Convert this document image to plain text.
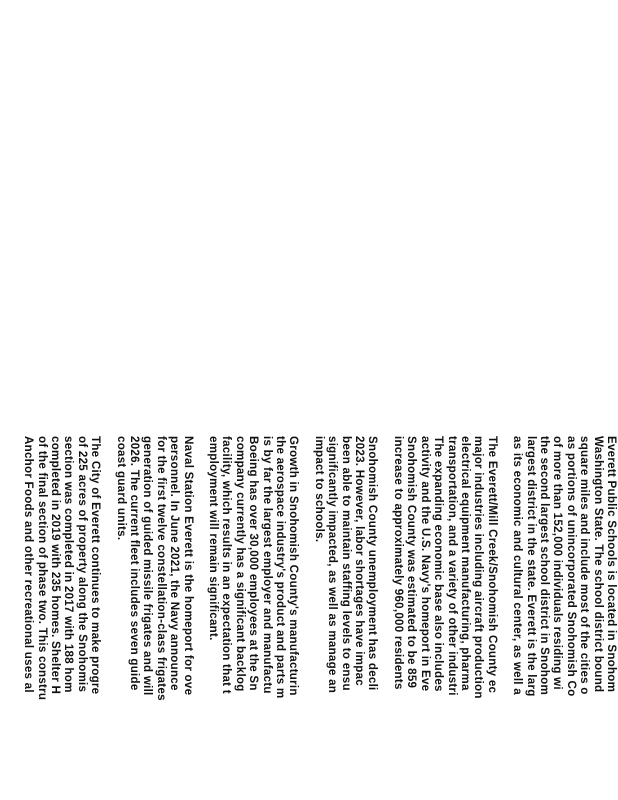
Everett Public Schools is located in Snohom
Washington State. The school district bound
square miles and include most of the cities o
as portions of unincorporated Snohomish Co
of more than 152,000 individuals residing wi
the second largest school district in Snohom
largest district in the state. Everett is the larg
as its economic and cultural center, as well a

The Everett/Mill Creek/Snohomish County ec
major industries including aircraft production
electrical equipment manufacturing, pharma
transportation, and a variety of other industri
The expanding economic base also includes
activity and the U.S. Navy's homeport in Eve
Snohomish County was estimated to be 859
increase to approximately 960,000 residents

Snohomish County unemployment has decli
2023. However, labor shortages have impac
been able to maintain staffing levels to ensu
significantly impacted, as well as manage an
impact to schools.

Growth in Snohomish County's manufacturin
the aerospace industry's product and parts m
is by far the largest employer and manufactu
Boeing has over 30,000 employees at the Sn
company currently has a significant backlog
facility, which results in an expectation that t
employment will remain significant.

Naval Station Everett is the homeport for ove
personnel. In June 2021, the Navy announce
for the first twelve constellation-class frigates
generation of guided missile frigates and will
2026. The current fleet includes seven guide
coast guard units.

The City of Everett continues to make progre
of 225 acres of property along the Snohomis
section was completed in 2017 with 188 hom
completed in 2019 with 235 homes. Shelter H
of the final section of phase two. This constru
Anchor Foods and other recreational uses al
